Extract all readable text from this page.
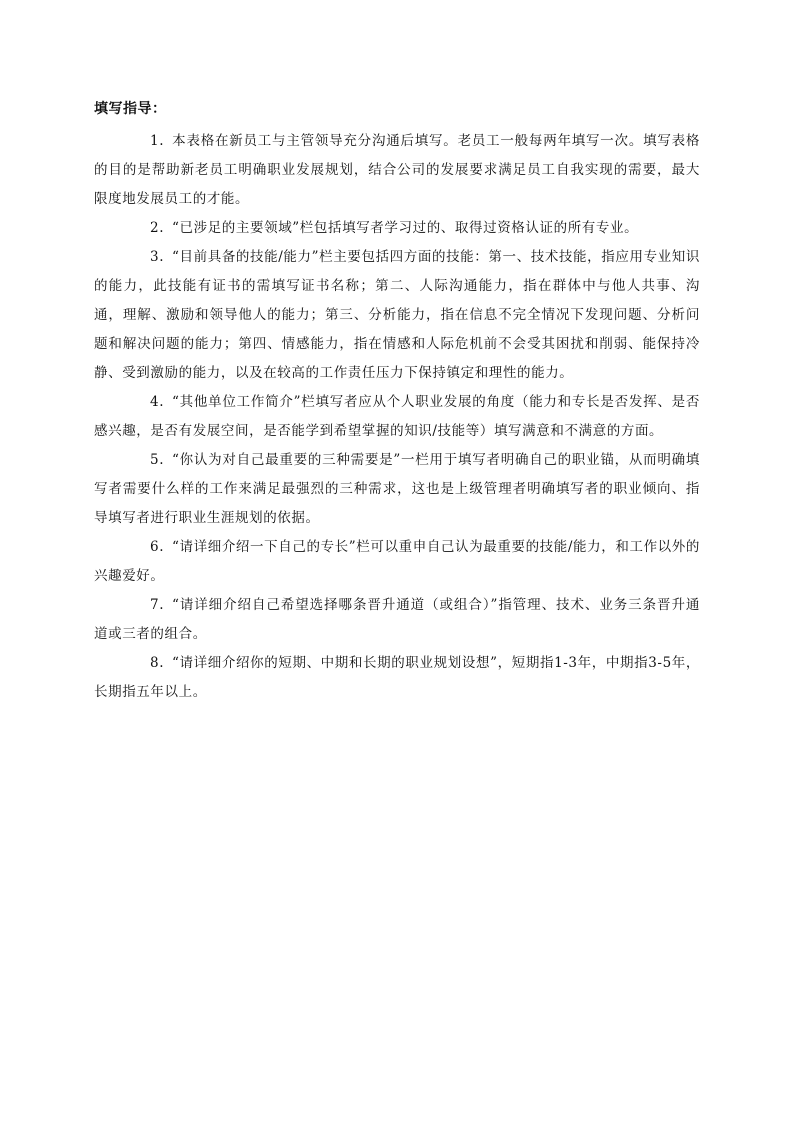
填写指导：

1. 本表格在新员工与主管领导充分沟通后填写。老员工一般每两年填写一次。填写表格的目的是帮助新老员工明确职业发展规划，结合公司的发展要求满足员工自我实现的需要，最大限度地发展员工的才能。

2. “已涉足的主要领域”栏包括填写者学习过的、取得过资格认证的所有专业。

3. “目前具备的技能/能力”栏主要包括四方面的技能：第一、技术技能，指应用专业知识的能力，此技能有证书的需填写证书名称；第二、人际沟通能力，指在群体中与他人共事、沟通，理解、激励和领导他人的能力；第三、分析能力，指在信息不完全情况下发现问题、分析问题和解决问题的能力；第四、情感能力，指在情感和人际危机前不会受其困扰和削弱、能保持冷静、受到激励的能力，以及在较高的工作责任压力下保持镇定和理性的能力。

4. “其他单位工作简介”栏填写者应从个人职业发展的角度（能力和专长是否发挥、是否感兴趣，是否有发展空间，是否能学到希望掌握的知识/技能等）填写满意和不满意的方面。

5. “你认为对自己最重要的三种需要是”一栏用于填写者明确自己的职业锚，从而明确填写者需要什么样的工作来满足最强烈的三种需求，这也是上级管理者明确填写者的职业倾向、指导填写者进行职业生涯规划的依据。

6. “请详细介绍一下自己的专长”栏可以重申自己认为最重要的技能/能力，和工作以外的兴趣爱好。

7. “请详细介绍自己希望选择哪条晋升通道（或组合）”指管理、技术、业务三条晋升通道或三者的组合。

8. “请详细介绍你的短期、中期和长期的职业规划设想”，短期指1-3年，中期指3-5年，长期指五年以上。
